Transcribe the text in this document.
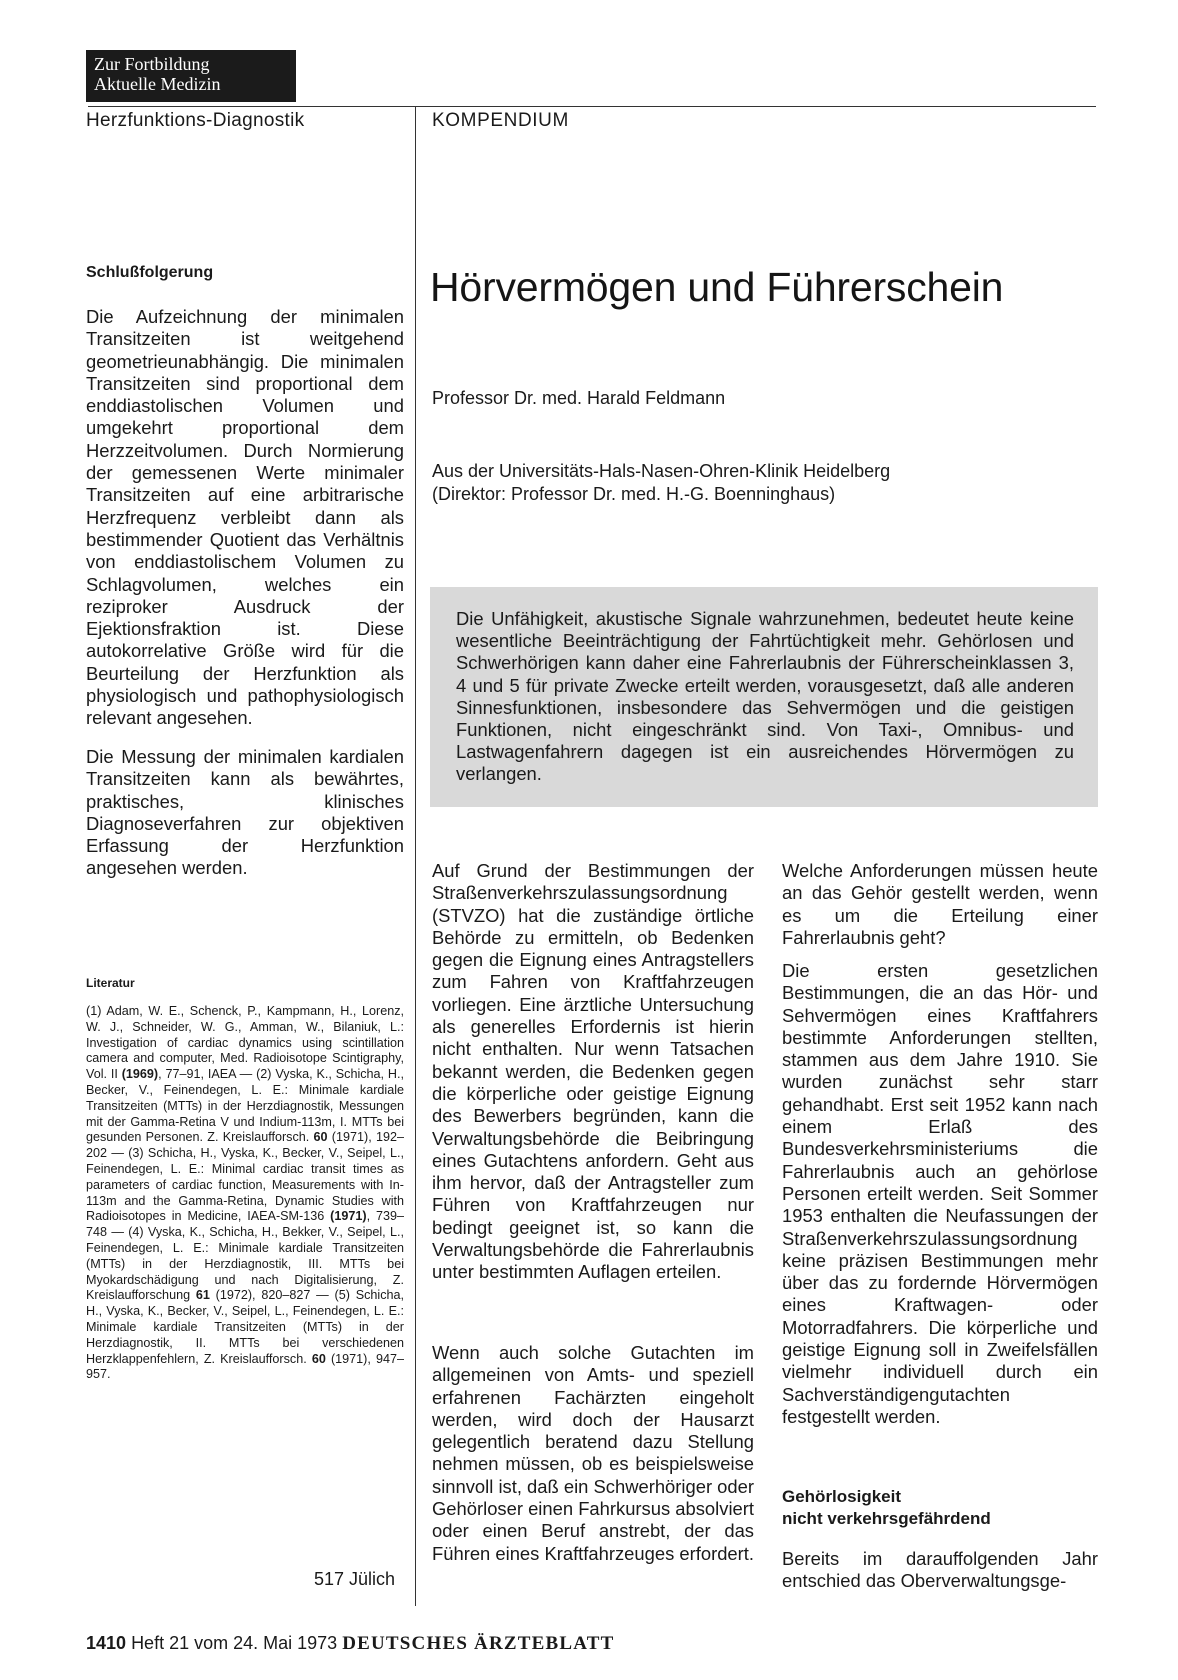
Zur Fortbildung
Aktuelle Medizin
Herzfunktions-Diagnostik	KOMPENDIUM
Schlußfolgerung

Die Aufzeichnung der minimalen Transitzeiten ist weitgehend geometrieunabhängig. Die minimalen Transitzeiten sind proportional dem enddiastolischen Volumen und umgekehrt proportional dem Herzzeitvolumen. Durch Normierung der gemessenen Werte minimaler Transitzeiten auf eine arbitrarische Herzfrequenz verbleibt dann als bestimmender Quotient das Verhältnis von enddiastolischem Volumen zu Schlagvolumen, welches ein reziproker Ausdruck der Ejektionsfraktion ist. Diese autokorrelative Größe wird für die Beurteilung der Herzfunktion als physiologisch und pathophysiologisch relevant angesehen.

Die Messung der minimalen kardialen Transitzeiten kann als bewährtes, praktisches, klinisches Diagnoseverfahren zur objektiven Erfassung der Herzfunktion angesehen werden.

Literatur

(1) Adam, W. E., Schenck, P., Kampmann, H., Lorenz, W. J., Schneider, W. G., Amman, W., Bilaniuk, L.: Investigation of cardiac dynamics using scintillation camera and computer, Med. Radioisotope Scintigraphy, Vol. II (1969), 77–91, IAEA — (2) Vyska, K., Schicha, H., Becker, V., Feinendegen, L. E.: Minimale kardiale Transitzeiten (MTTs) in der Herzdiagnostik, Messungen mit der Gamma-Retina V und Indium-113m, I. MTTs bei gesunden Personen. Z. Kreislaufforsch. 60 (1971), 192–202 — (3) Schicha, H., Vyska, K., Becker, V., Seipel, L., Feinendegen, L. E.: Minimal cardiac transit times as parameters of cardiac function, Measurements with In-113m and the Gamma-Retina, Dynamic Studies with Radioisotopes in Medicine, IAEA-SM-136 (1971), 739–748 — (4) Vyska, K., Schicha, H., Bekker, V., Seipel, L., Feinendegen, L. E.: Minimale kardiale Transitzeiten (MTTs) in der Herzdiagnostik, III. MTTs bei Myokardschädigung und nach Digitalisierung, Z. Kreislaufforschung 61 (1972), 820–827 — (5) Schicha, H., Vyska, K., Becker, V., Seipel, L., Feinendegen, L. E.: Minimale kardiale Transitzeiten (MTTs) in der Herzdiagnostik, II. MTTs bei verschiedenen Herzklappenfehlern, Z. Kreislaufforsch. 60 (1971), 947–957.

517 Jülich
Hörvermögen und Führerschein
Professor Dr. med. Harald Feldmann
Aus der Universitäts-Hals-Nasen-Ohren-Klinik Heidelberg
(Direktor: Professor Dr. med. H.-G. Boenninghaus)

Die Unfähigkeit, akustische Signale wahrzunehmen, bedeutet heute keine wesentliche Beeinträchtigung der Fahrtüchtigkeit mehr. Gehörlosen und Schwerhörigen kann daher eine Fahrerlaubnis der Führerscheinklassen 3, 4 und 5 für private Zwecke erteilt werden, vorausgesetzt, daß alle anderen Sinnesfunktionen, insbesondere das Sehvermögen und die geistigen Funktionen, nicht eingeschränkt sind. Von Taxi-, Omnibus- und Lastwagenfahrern dagegen ist ein ausreichendes Hörvermögen zu verlangen.

Auf Grund der Bestimmungen der Straßenverkehrszulassungsordnung (STVZO) hat die zuständige örtliche Behörde zu ermitteln, ob Bedenken gegen die Eignung eines Antragstellers zum Fahren von Kraftfahrzeugen vorliegen. Eine ärztliche Untersuchung als generelles Erfordernis ist hierin nicht enthalten. Nur wenn Tatsachen bekannt werden, die Bedenken gegen die körperliche oder geistige Eignung des Bewerbers begründen, kann die Verwaltungsbehörde die Beibringung eines Gutachtens anfordern. Geht aus ihm hervor, daß der Antragsteller zum Führen von Kraftfahrzeugen nur bedingt geeignet ist, so kann die Verwaltungsbehörde die Fahrerlaubnis unter bestimmten Auflagen erteilen.

Wenn auch solche Gutachten im allgemeinen von Amts- und speziell erfahrenen Fachärzten eingeholt werden, wird doch der Hausarzt gelegentlich beratend dazu Stellung nehmen müssen, ob es beispielsweise sinnvoll ist, daß ein Schwerhöriger oder Gehörloser einen Fahrkursus absolviert oder einen Beruf anstrebt, der das Führen eines Kraftfahrzeuges erfordert.

Welche Anforderungen müssen heute an das Gehör gestellt werden, wenn es um die Erteilung einer Fahrerlaubnis geht?

Die ersten gesetzlichen Bestimmungen, die an das Hör- und Sehvermögen eines Kraftfahrers bestimmte Anforderungen stellten, stammen aus dem Jahre 1910. Sie wurden zunächst sehr starr gehandhabt. Erst seit 1952 kann nach einem Erlaß des Bundesverkehrsministeriums die Fahrerlaubnis auch an gehörlose Personen erteilt werden. Seit Sommer 1953 enthalten die Neufassungen der Straßenverkehrszulassungsordnung keine präzisen Bestimmungen mehr über das zu fordernde Hörvermögen eines Kraftwagen- oder Motorradfahrers. Die körperliche und geistige Eignung soll in Zweifelsfällen vielmehr individuell durch ein Sachverständigengutachten festgestellt werden.

Gehörlosigkeit
nicht verkehrsgefährdend

Bereits im darauffolgenden Jahr entschied das Oberverwaltungsge-

1410 Heft 21 vom 24. Mai 1973 DEUTSCHES ÄRZTEBLATT
